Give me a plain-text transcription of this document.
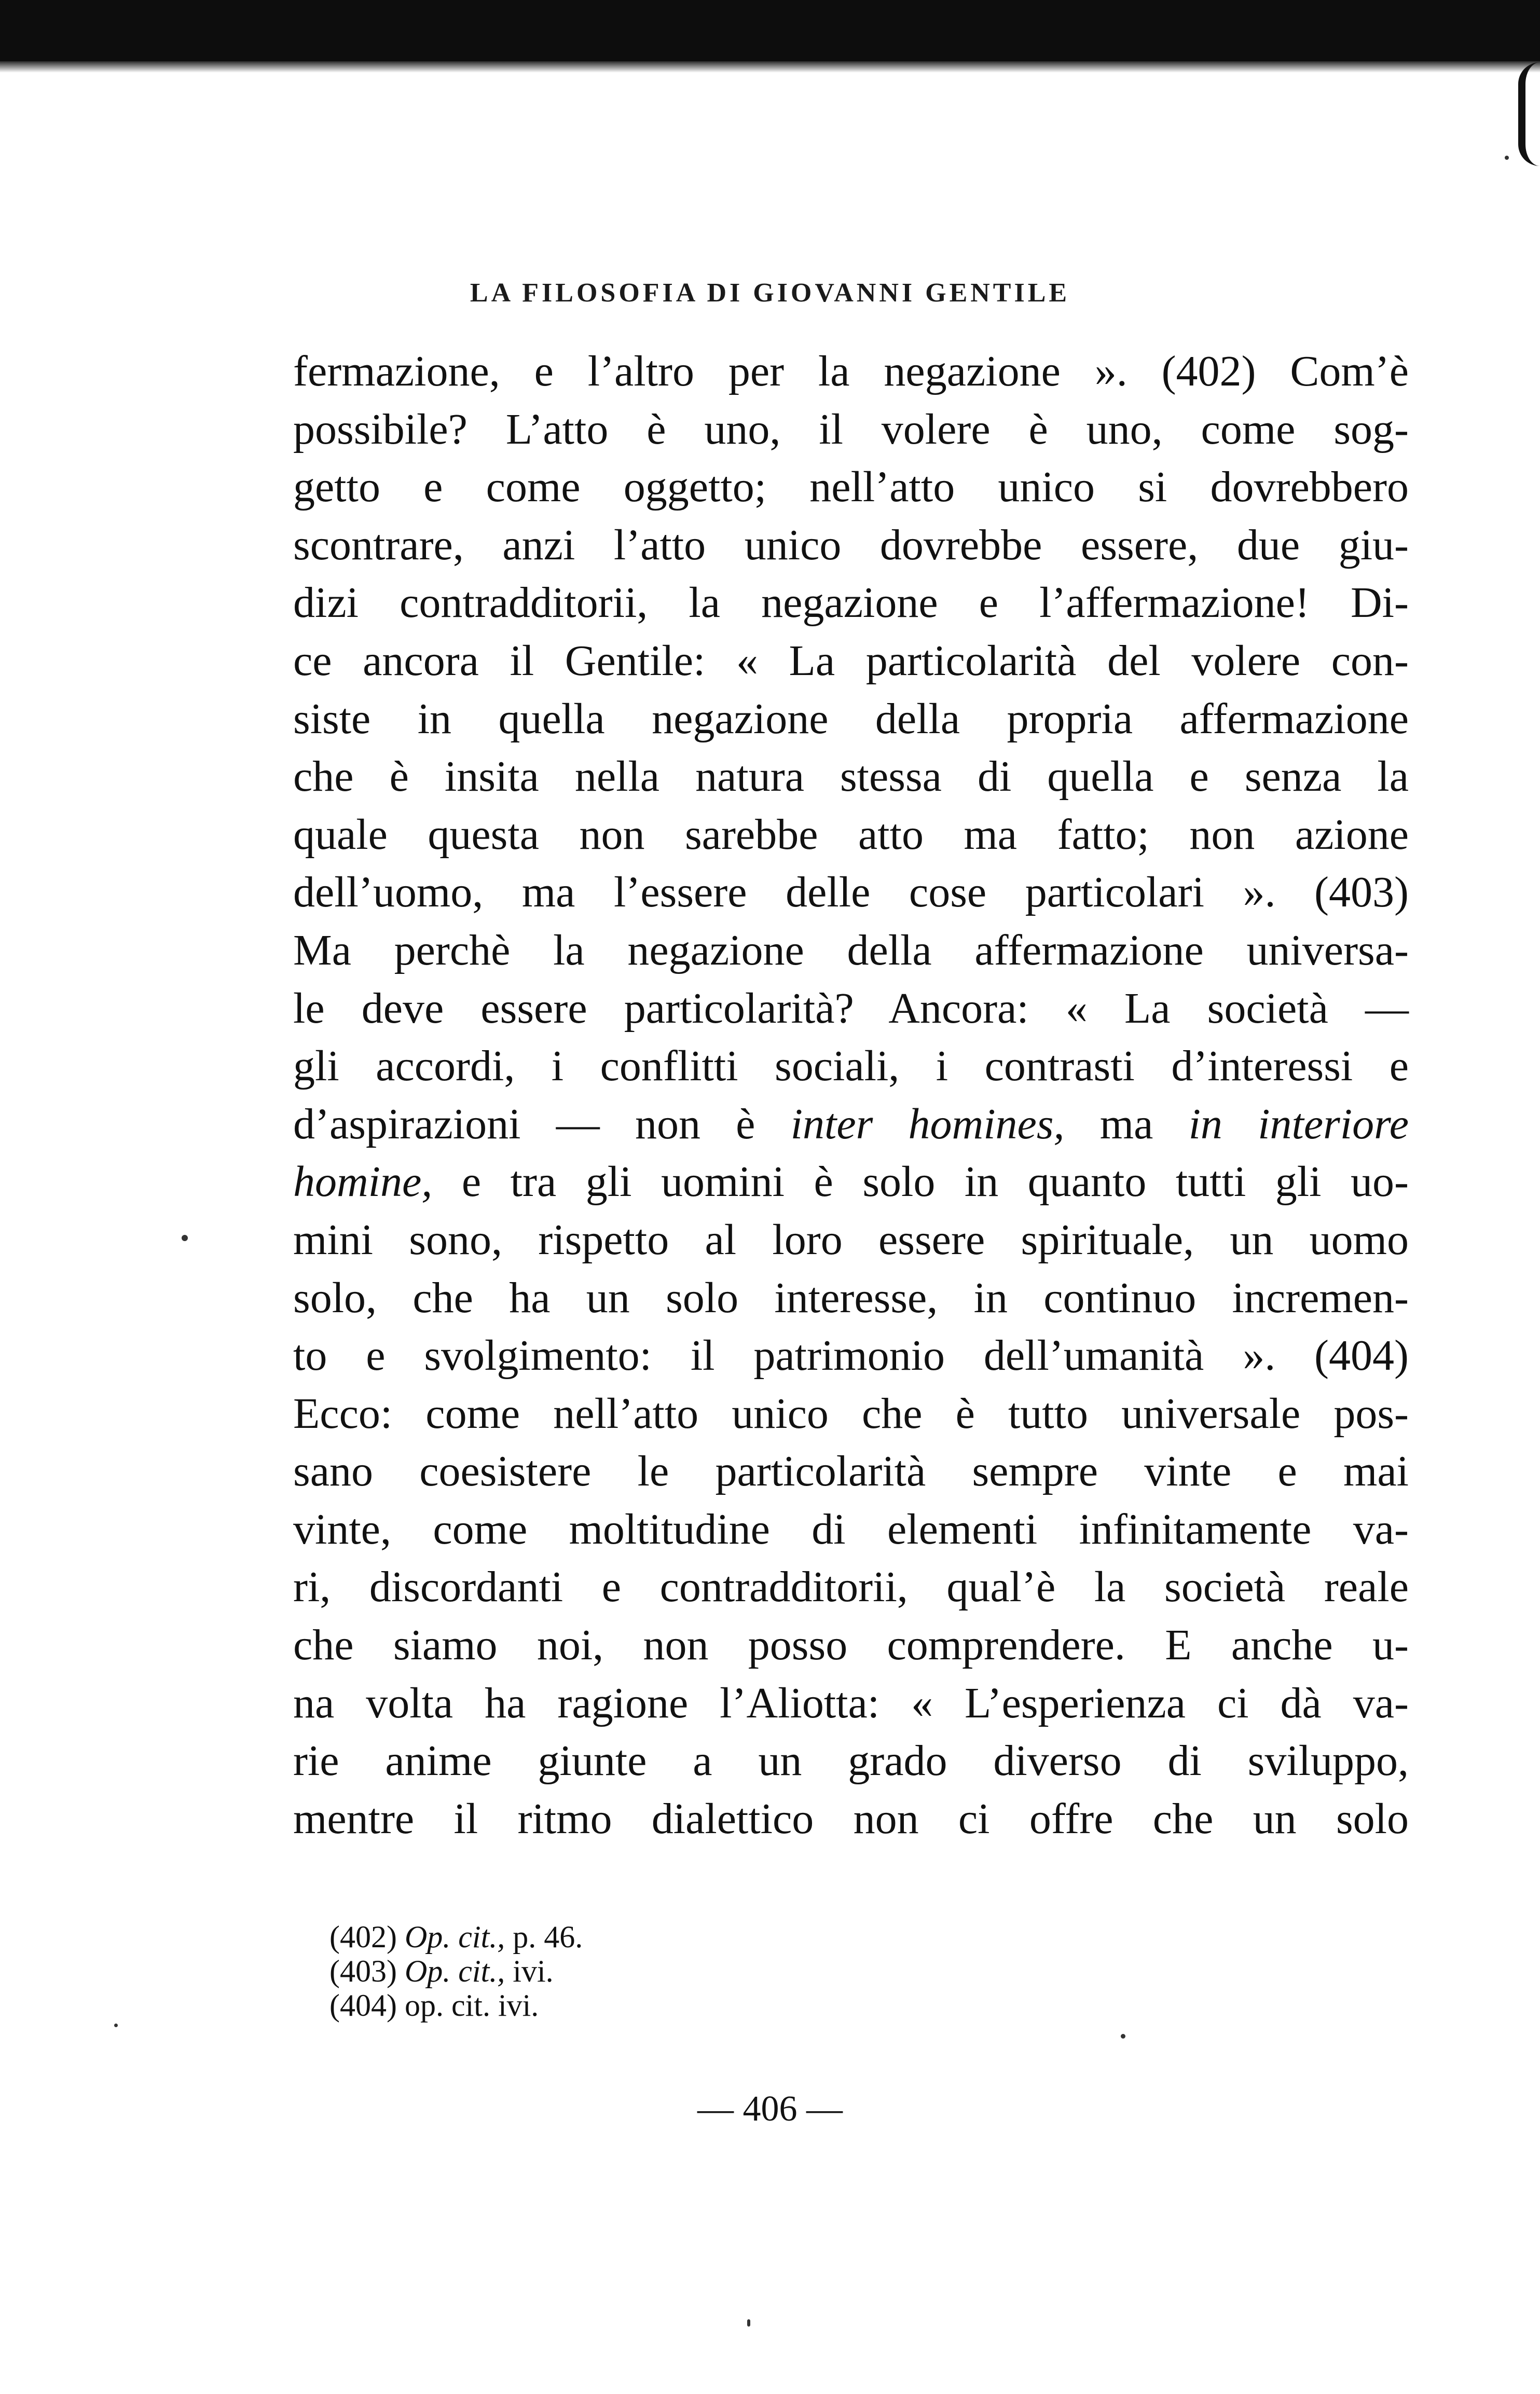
LA FILOSOFIA DI GIOVANNI GENTILE
fermazione, e l’altro per la negazione ». (402) Com’è
possibile? L’atto è uno, il volere è uno, come sog-
getto e come oggetto; nell’atto unico si dovrebbero
scontrare, anzi l’atto unico dovrebbe essere, due giu-
dizi contradditorii, la negazione e l’affermazione! Di-
ce ancora il Gentile: « La particolarità del volere con-
siste in quella negazione della propria affermazione
che è insita nella natura stessa di quella e senza la
quale questa non sarebbe atto ma fatto; non azione
dell’uomo, ma l’essere delle cose particolari ». (403)
Ma perchè la negazione della affermazione universa-
le deve essere particolarità? Ancora: « La società —
gli accordi, i conflitti sociali, i contrasti d’interessi e
d’aspirazioni — non è inter homines, ma in interiore
homine, e tra gli uomini è solo in quanto tutti gli uo-
mini sono, rispetto al loro essere spirituale, un uomo
solo, che ha un solo interesse, in continuo incremen-
to e svolgimento: il patrimonio dell’umanità ». (404)
Ecco: come nell’atto unico che è tutto universale pos-
sano coesistere le particolarità sempre vinte e mai
vinte, come moltitudine di elementi infinitamente va-
ri, discordanti e contradditorii, qual’è la società reale
che siamo noi, non posso comprendere. E anche u-
na volta ha ragione l’Aliotta: « L’esperienza ci dà va-
rie anime giunte a un grado diverso di sviluppo,
mentre il ritmo dialettico non ci offre che un solo
(402) Op. cit., p. 46.
(403) Op. cit., ivi.
(404) op. cit. ivi.
— 406 —
